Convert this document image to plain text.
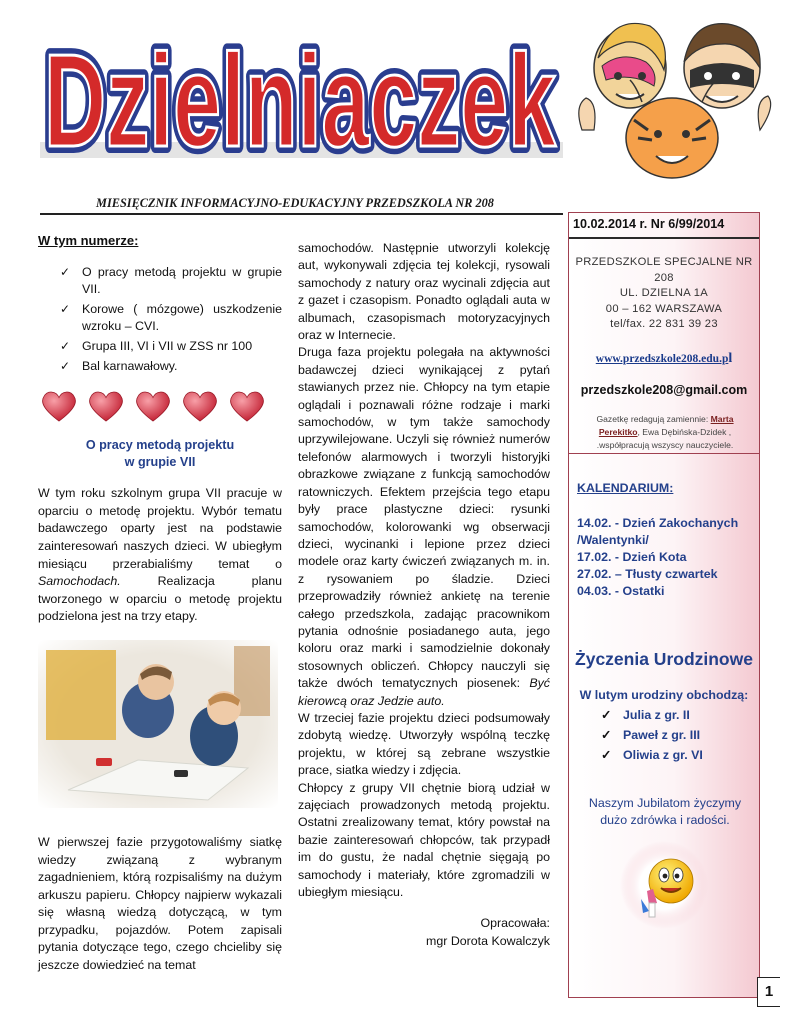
Dzielniaczek
Dzielniaczek
MIESIĘCZNIK INFORMACYJNO-EDUKACYJNY PRZEDSZKOLA NR 208
W tym numerze:
✓ O pracy metodą projektu w grupie VII.
✓ Korowe ( mózgowe) uszkodzenie wzroku – CVI.
✓ Grupa III, VI i VII w ZSS nr 100
✓ Bal karnawałowy.
O pracy metodą projektu
w grupie VII
W tym roku szkolnym grupa VII pracuje w oparciu o metodę projektu. Wybór tematu badawczego oparty jest na podstawie zainteresowań naszych dzieci. W ubiegłym miesiącu przerabialiśmy temat o Samochodach. Realizacja planu tworzonego w oparciu o metodę projektu podzielona jest na trzy etapy.
W pierwszej fazie przygotowaliśmy siatkę wiedzy związaną z wybranym zagadnieniem, którą rozpisaliśmy na dużym arkuszu papieru. Chłopcy najpierw wykazali się własną wiedzą dotyczącą, w tym przypadku, pojazdów. Potem zapisali pytania dotyczące tego, czego chcieliby się jeszcze dowiedzieć na temat

samochodów. Następnie utworzyli kolekcję aut, wykonywali zdjęcia tej kolekcji, rysowali samochody z natury oraz wycinali zdjęcia aut z gazet i czasopism. Ponadto oglądali auta w albumach, czasopismach motoryzacyjnych oraz w Internecie.

Druga faza projektu polegała na aktywności badawczej dzieci wynikającej z pytań stawianych przez nie. Chłopcy na tym etapie oglądali i poznawali różne rodzaje i marki samochodów, w tym także samochody uprzywilejowane. Uczyli się również numerów telefonów alarmowych i tworzyli historyjki obrazkowe związane z funkcją samochodów ratowniczych. Efektem przejścia tego etapu były prace plastyczne dzieci: rysunki samochodów, kolorowanki wg obserwacji dzieci, wycinanki i lepione przez dzieci modele oraz karty ćwiczeń związanych m. in. z rysowaniem po śladzie. Dzieci przeprowadziły również ankietę na terenie całego przedszkola, zadając pracownikom pytania odnośnie posiadanego auta, jego koloru oraz marki i samodzielnie dokonały stosownych obliczeń. Chłopcy nauczyli się także dwóch tematycznych piosenek: Być kierowcą oraz Jedzie auto.

W trzeciej fazie projektu dzieci podsumowały zdobytą wiedzę. Utworzyły wspólną teczkę projektu, w której są zebrane wszystkie prace, siatka wiedzy i zdjęcia.

Chłopcy z grupy VII chętnie biorą udział w zajęciach prowadzonych metodą projektu. Ostatni zrealizowany temat, który powstał na bazie zainteresowań chłopców, tak przypadł im do gustu, że nadal chętnie sięgają po samochody i materiały, które zgromadzili w ubiegłym miesiącu.

Opracowała:
mgr Dorota Kowalczyk
10.02.2014 r. Nr 6/99/2014
PRZEDSZKOLE SPECJALNE NR
208
UL. DZIELNA 1A
00 – 162 WARSZAWA
tel/fax. 22 831 39 23
www.przedszkole208.edu.pl
przedszkole208@gmail.com
Gazetkę redagują zamiennie: Marta Perekitko, Ewa Dębińska-Dzidek , .współpracują wszyscy nauczyciele.
KALENDARIUM:
14.02. - Dzień Zakochanych /Walentynki/
17.02. - Dzień Kota
27.02. – Tłusty czwartek
04.03. - Ostatki
Życzenia Urodzinowe
W lutym urodziny obchodzą:
✓ Julia z gr. II
✓ Paweł z gr. III
✓ Oliwia z gr. VI
Naszym Jubilatom życzymy dużo zdrówka i radości.
1
